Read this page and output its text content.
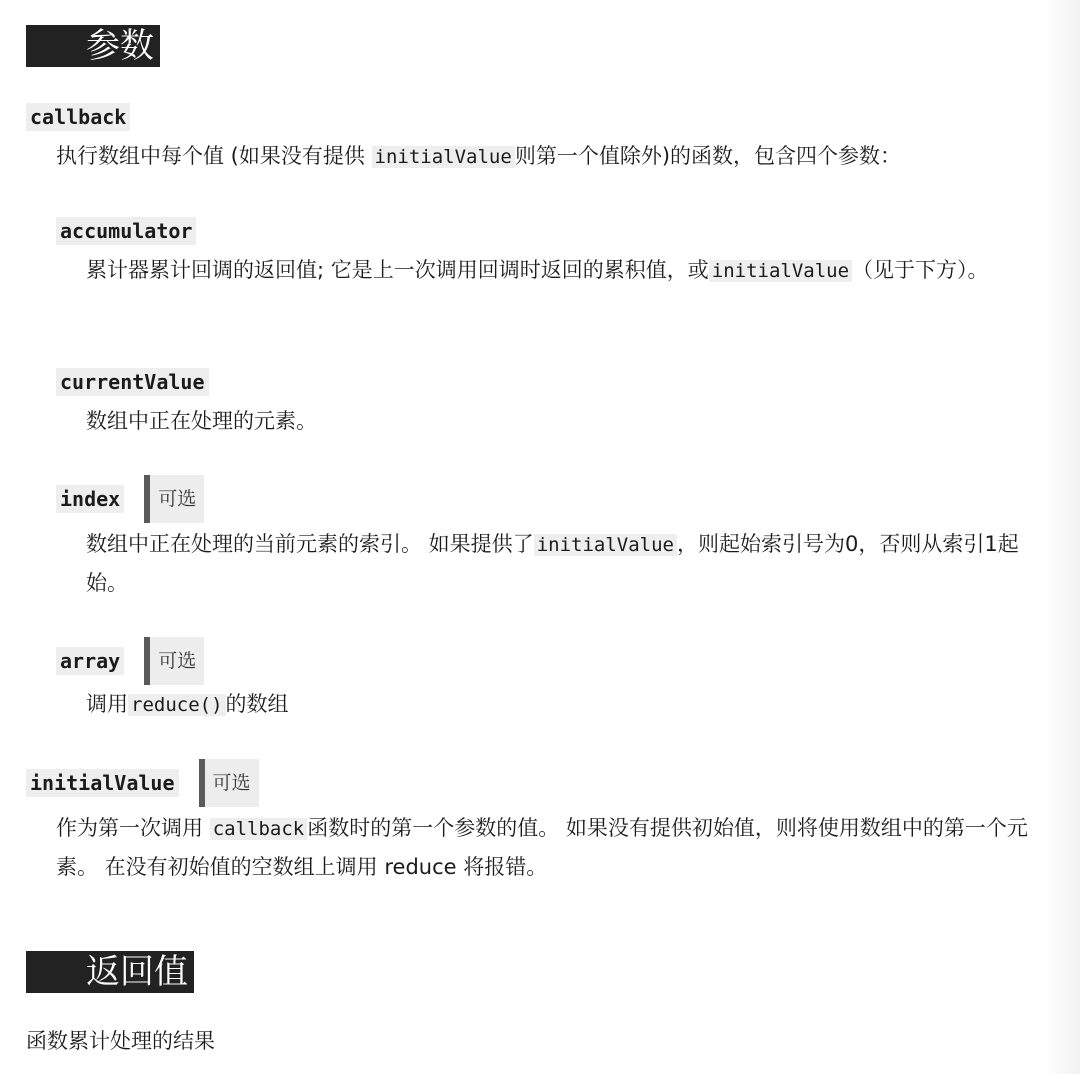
参数
callback

执行数组中每个值 (如果没有提供 initialValue 则第一个值除外)的函数，包含四个参数：

accumulator

累计器累计回调的返回值; 它是上一次调用回调时返回的累积值，或 initialValue （见于下方）。

currentValue

数组中正在处理的元素。

index	可选

数组中正在处理的当前元素的索引。 如果提供了 initialValue ，则起始索引号为0，否则从索引1起始。

array	可选

调用 reduce() 的数组

initialValue	可选

作为第一次调用 callback 函数时的第一个参数的值。 如果没有提供初始值，则将使用数组中的第一个元素。 在没有初始值的空数组上调用 reduce 将报错。

返回值

函数累计处理的结果
